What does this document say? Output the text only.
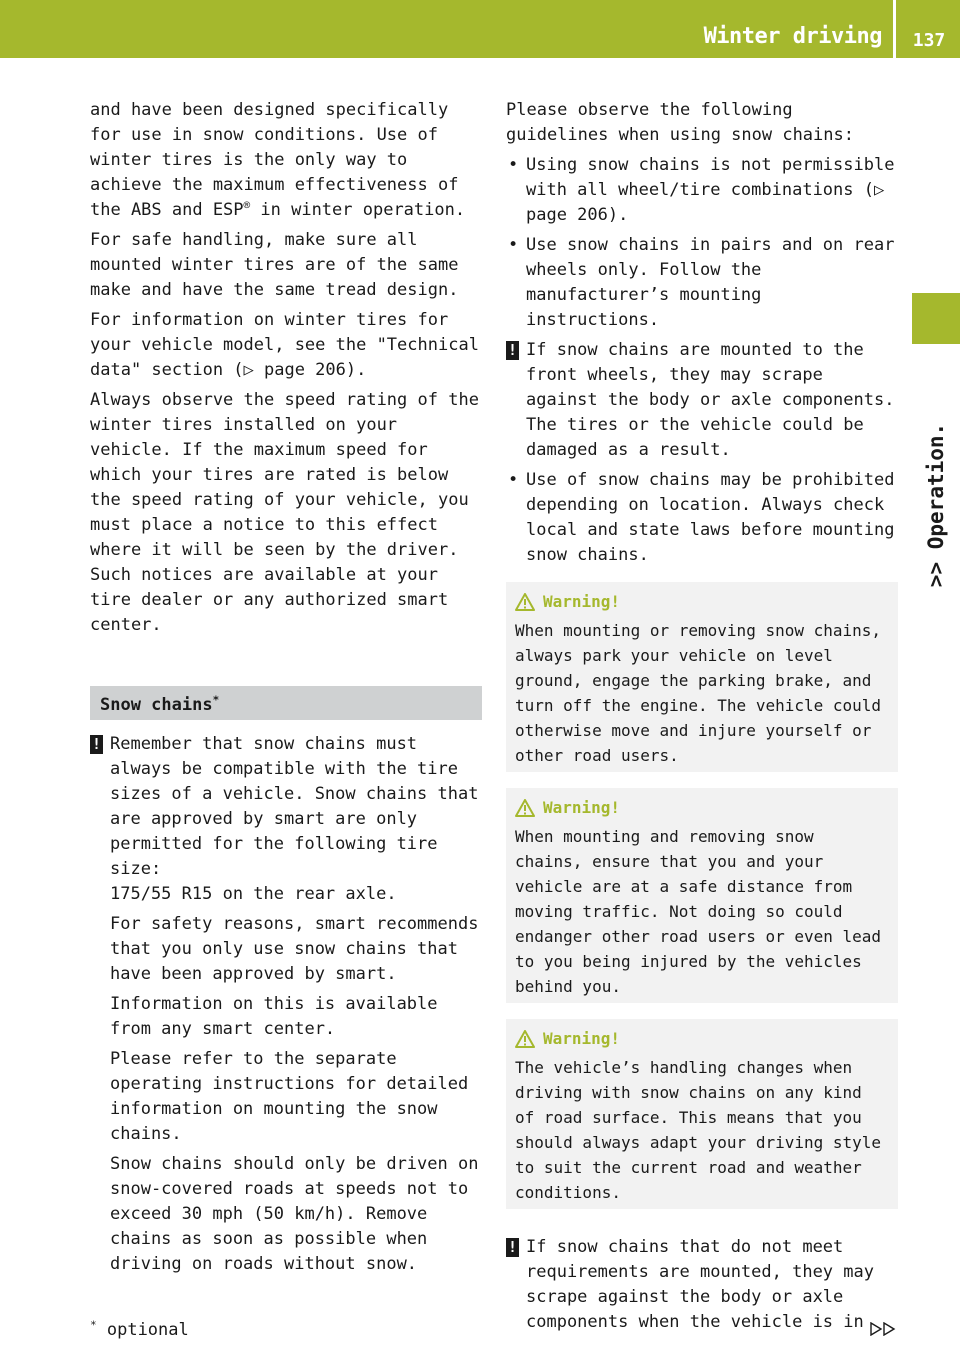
Winter driving	137
>> Operation.

and have been designed specifically for use in snow conditions. Use of winter tires is the only way to achieve the maximum effectiveness of the ABS and ESP® in winter operation.

For safe handling, make sure all mounted winter tires are of the same make and have the same tread design.

For information on winter tires for your vehicle model, see the "Technical data" section (▷ page 206).

Always observe the speed rating of the winter tires installed on your vehicle. If the maximum speed for which your tires are rated is below the speed rating of your vehicle, you must place a notice to this effect where it will be seen by the driver. Such notices are available at your tire dealer or any authorized smart center.

Snow chains*
! Remember that snow chains must always be compatible with the tire sizes of a vehicle. Snow chains that are approved by smart are only permitted for the following tire size:
175/55 R15 on the rear axle.

For safety reasons, smart recommends that you only use snow chains that have been approved by smart.

Information on this is available from any smart center.

Please refer to the separate operating instructions for detailed information on mounting the snow chains.

Snow chains should only be driven on snow-covered roads at speeds not to exceed 30 mph (50 km/h). Remove chains as soon as possible when driving on roads without snow.

Please observe the following guidelines when using snow chains:

• Using snow chains is not permissible with all wheel/tire combinations (▷ page 206).
• Use snow chains in pairs and on rear wheels only. Follow the manufacturer’s mounting instructions.
! If snow chains are mounted to the front wheels, they may scrape against the body or axle components. The tires or the vehicle could be damaged as a result.
• Use of snow chains may be prohibited depending on location. Always check local and state laws before mounting snow chains.
Warning!

When mounting or removing snow chains, always park your vehicle on level ground, engage the parking brake, and turn off the engine. The vehicle could otherwise move and injure yourself or other road users.

Warning!

When mounting and removing snow chains, ensure that you and your vehicle are at a safe distance from moving traffic. Not doing so could endanger other road users or even lead to you being injured by the vehicles behind you.

Warning!

The vehicle’s handling changes when driving with snow chains on any kind of road surface. This means that you should always adapt your driving style to suit the current road and weather conditions.

! If snow chains that do not meet requirements are mounted, they may scrape against the body or axle components when the vehicle is in
* optional
